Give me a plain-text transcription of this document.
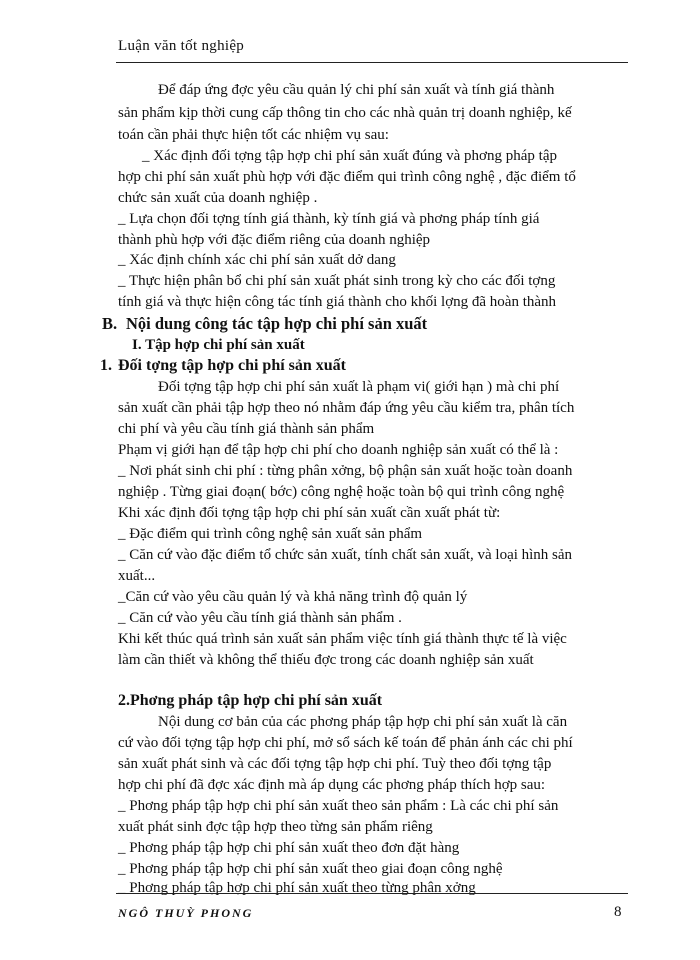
Luận văn tốt nghiệp
Để đáp ứng đợc yêu cầu quản lý chi phí sản xuất và tính giá thành
sản phẩm kịp thời cung cấp thông tin cho các nhà quản trị doanh nghiệp, kế
toán cần phải thực hiện tốt các nhiệm vụ sau:
_ Xác định đối tợng tập hợp chi phí sản xuất đúng và phơng pháp tập
hợp chi phí sản xuất phù hợp với đặc điểm qui trình công nghệ , đặc điểm tổ
chức sản xuất của doanh nghiệp .
_ Lựa chọn đối tợng tính giá thành, kỳ tính giá và phơng pháp tính giá
thành phù hợp với đặc điểm riêng của doanh nghiệp
_ Xác định chính xác chi phí sản xuất dở dang
_ Thực hiện phân bổ chi phí sản xuất phát sinh trong kỳ cho các đối tợng
tính giá và thực hiện công tác tính giá thành cho khối lợng đã hoàn thành
B. Nội dung công tác tập hợp chi phí sản xuất
I. Tập hợp chi phí sản xuất
1. Đối tợng tập hợp chi phí sản xuất
Đối tợng tập hợp chi phí sản xuất là phạm vi( giới hạn ) mà chi phí
sản xuất cần phải tập hợp theo nó nhằm đáp ứng yêu cầu kiểm tra, phân tích
chi phí và yêu cầu tính giá thành sản phẩm
Phạm vị giới hạn để tập hợp chi phí cho doanh nghiệp sản xuất có thể là :
_ Nơi phát sinh chi phí : từng phân xởng, bộ phận sản xuất hoặc toàn doanh
nghiệp . Từng giai đoạn( bớc) công nghệ hoặc toàn bộ qui trình công nghệ
Khi xác định đối tợng tập hợp chi phí sản xuất cần xuất phát từ:
_ Đặc điểm qui trình công nghệ sản xuất sản phẩm
_ Căn cứ vào đặc điểm tổ chức sản xuất, tính chất sản xuất, và loại hình sản
xuất...
_Căn cứ vào yêu cầu quản lý và khả năng trình độ quản lý
_ Căn cứ vào yêu cầu tính giá thành sản phẩm .
Khi kết thúc quá trình sản xuất sản phẩm việc tính giá thành thực tế là việc
làm cần thiết và không thể thiếu đợc trong các doanh nghiệp sản xuất
2.Phơng pháp tập hợp chi phí sản xuất
Nội dung cơ bản của các phơng pháp tập hợp chi phí sản xuất là căn
cứ vào đối tợng tập hợp chi phí, mở sổ sách kế toán để phản ánh các chi phí
sản xuất phát sinh và các đối tợng tập hợp chi phí. Tuỳ theo đối tợng tập
hợp chi phí đã đợc xác định mà áp dụng các phơng pháp thích hợp sau:
_ Phơng pháp tập hợp chi phí sản xuất theo sản phẩm : Là các chi phí sản
xuất phát sinh đợc tập hợp theo từng sản phẩm riêng
_ Phơng pháp tập hợp chi phí sản xuất theo đơn đặt hàng
_ Phơng pháp tập hợp chi phí sản xuất theo giai đoạn công nghệ
_ Phơng pháp tập hợp chi phí sản xuất theo từng phân xởng
NGÔ THUỲ PHONG	8
